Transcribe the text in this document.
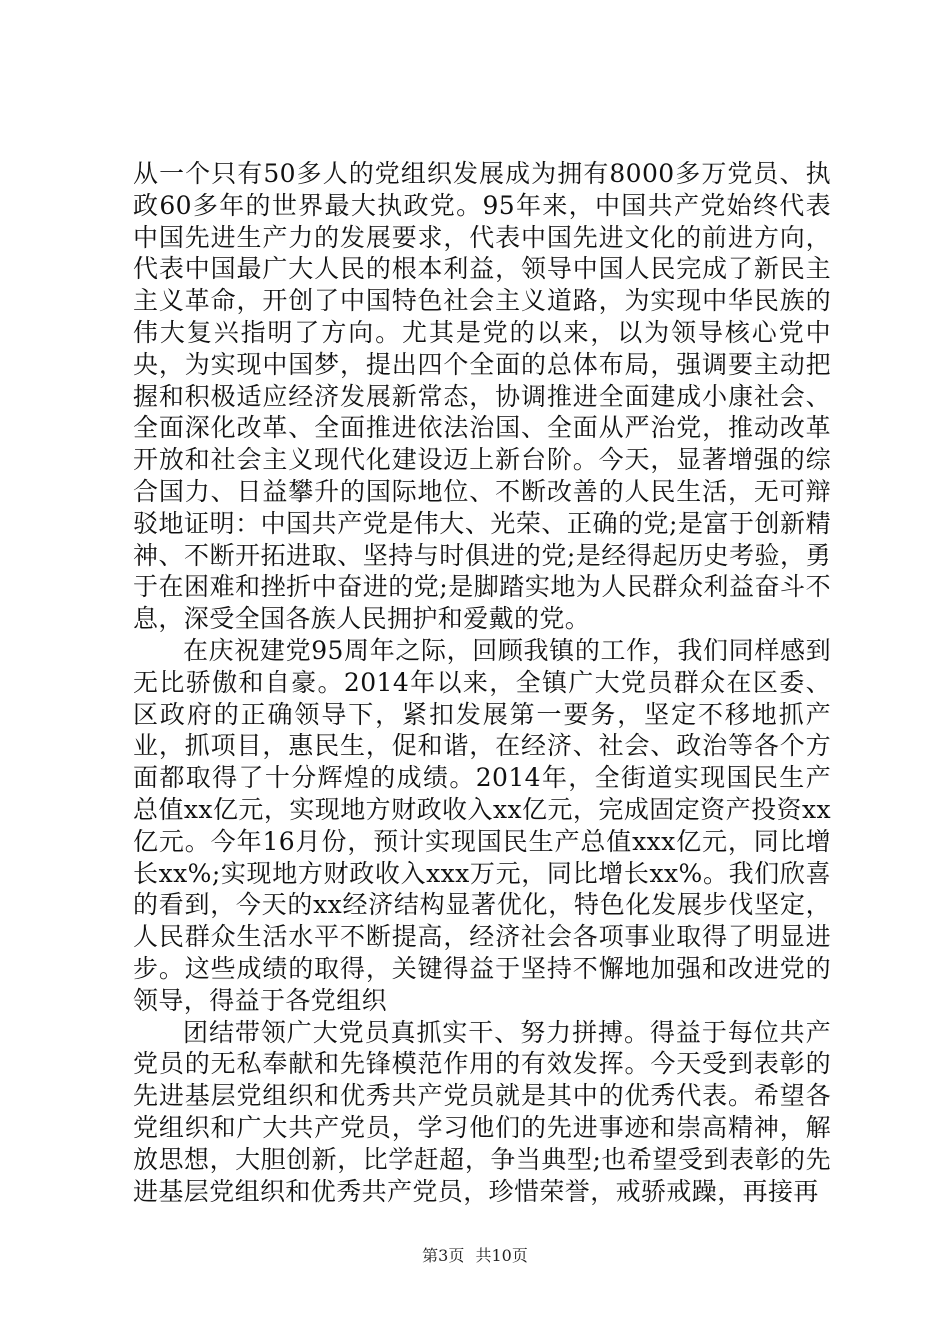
从一个只有50多人的党组织发展成为拥有8000多万党员、执政60多年的世界最大执政党。95年来，中国共产党始终代表中国先进生产力的发展要求，代表中国先进文化的前进方向，代表中国最广大人民的根本利益，领导中国人民完成了新民主主义革命，开创了中国特色社会主义道路，为实现中华民族的伟大复兴指明了方向。尤其是党的以来，以为领导核心党中央，为实现中国梦，提出四个全面的总体布局，强调要主动把握和积极适应经济发展新常态，协调推进全面建成小康社会、全面深化改革、全面推进依法治国、全面从严治党，推动改革开放和社会主义现代化建设迈上新台阶。今天，显著增强的综合国力、日益攀升的国际地位、不断改善的人民生活，无可辩驳地证明：中国共产党是伟大、光荣、正确的党;是富于创新精神、不断开拓进取、坚持与时俱进的党;是经得起历史考验，勇于在困难和挫折中奋进的党;是脚踏实地为人民群众利益奋斗不息，深受全国各族人民拥护和爱戴的党。

在庆祝建党95周年之际，回顾我镇的工作，我们同样感到无比骄傲和自豪。2014年以来，全镇广大党员群众在区委、区政府的正确领导下，紧扣发展第一要务，坚定不移地抓产业，抓项目，惠民生，促和谐，在经济、社会、政治等各个方面都取得了十分辉煌的成绩。2014年，全街道实现国民生产总值xx亿元，实现地方财政收入xx亿元，完成固定资产投资xx亿元。今年16月份，预计实现国民生产总值xxx亿元，同比增长xx%;实现地方财政收入xxx万元，同比增长xx%。我们欣喜的看到，今天的xx经济结构显著优化，特色化发展步伐坚定，人民群众生活水平不断提高，经济社会各项事业取得了明显进步。这些成绩的取得，关键得益于坚持不懈地加强和改进党的领导，得益于各党组织

团结带领广大党员真抓实干、努力拼搏。得益于每位共产党员的无私奉献和先锋模范作用的有效发挥。今天受到表彰的先进基层党组织和优秀共产党员就是其中的优秀代表。希望各党组织和广大共产党员，学习他们的先进事迹和崇高精神，解放思想，大胆创新，比学赶超，争当典型;也希望受到表彰的先进基层党组织和优秀共产党员，珍惜荣誉，戒骄戒躁，再接再

第3页 共10页
